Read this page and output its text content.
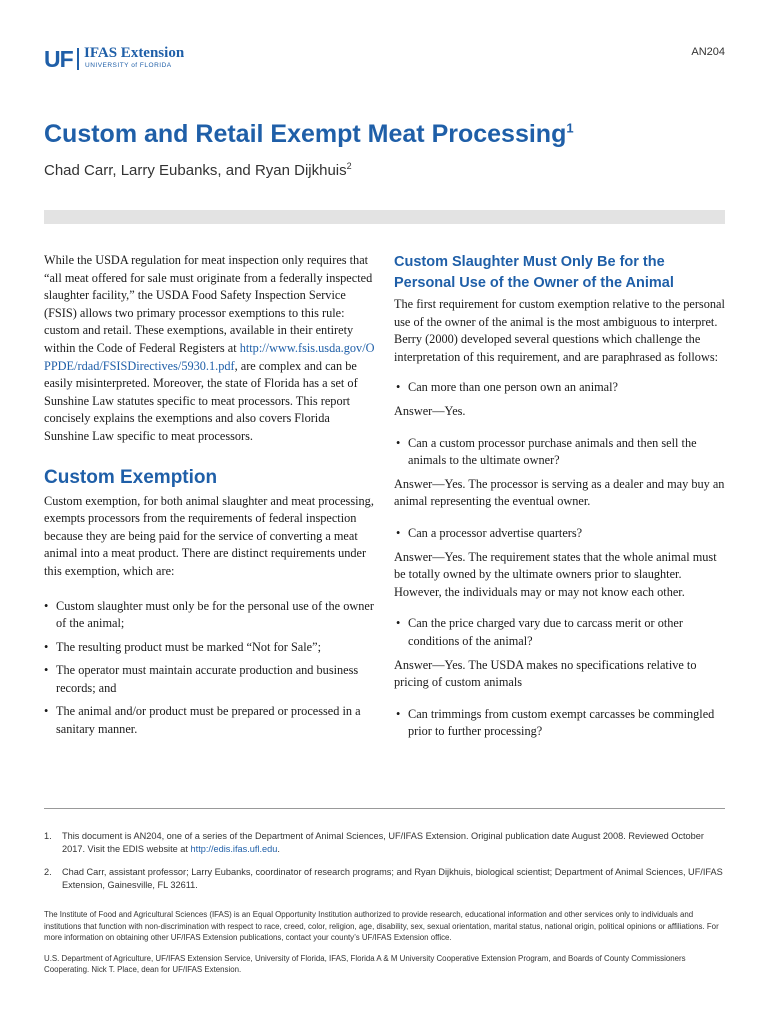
UF IFAS Extension
UNIVERSITY of FLORIDA
AN204
Custom and Retail Exempt Meat Processing$^1$
Chad Carr, Larry Eubanks, and Ryan Dijkhuis$^2$

While the USDA regulation for meat inspection only requires that “all meat offered for sale must originate from a federally inspected slaughter facility,” the USDA Food Safety Inspection Service (FSIS) allows two primary processor exemptions to this rule: custom and retail. These exemptions, available in their entirety within the Code of Federal Registers at http://www.fsis.usda.gov/OPPDE/rdad/FSISDirectives/5930.1.pdf, are complex and can be easily misinterpreted. Moreover, the state of Florida has a set of Sunshine Law statutes specific to meat processors. This report concisely explains the exemptions and also covers Florida Sunshine Law specific to meat processors.

Custom Exemption

Custom exemption, for both animal slaughter and meat processing, exempts processors from the requirements of federal inspection because they are being paid for the service of converting a meat animal into a meat product. There are distinct requirements under this exemption, which are:

• Custom slaughter must only be for the personal use of the owner of the animal;
• The resulting product must be marked “Not for Sale”;
• The operator must maintain accurate production and business records; and
• The animal and/or product must be prepared or processed in a sanitary manner.
Custom Slaughter Must Only Be for the Personal Use of the Owner of the Animal

The first requirement for custom exemption relative to the personal use of the owner of the animal is the most ambiguous to interpret. Berry (2000) developed several questions which challenge the interpretation of this requirement, and are paraphrased as follows:

• Can more than one person own an animal?

Answer—Yes.

• Can a custom processor purchase animals and then sell the animals to the ultimate owner?

Answer—Yes. The processor is serving as a dealer and may buy an animal representing the eventual owner.

• Can a processor advertise quarters?

Answer—Yes. The requirement states that the whole animal must be totally owned by the ultimate owners prior to slaughter. However, the individuals may or may not know each other.

• Can the price charged vary due to carcass merit or other conditions of the animal?

Answer—Yes. The USDA makes no specifications relative to pricing of custom animals

• Can trimmings from custom exempt carcasses be commingled prior to further processing?

1. This document is AN204, one of a series of the Department of Animal Sciences, UF/IFAS Extension. Original publication date August 2008. Reviewed October 2017. Visit the EDIS website at http://edis.ifas.ufl.edu.

2. Chad Carr, assistant professor; Larry Eubanks, coordinator of research programs; and Ryan Dijkhuis, biological scientist; Department of Animal Sciences, UF/IFAS Extension, Gainesville, FL 32611.

The Institute of Food and Agricultural Sciences (IFAS) is an Equal Opportunity Institution authorized to provide research, educational information and other services only to individuals and institutions that function with non-discrimination with respect to race, creed, color, religion, age, disability, sex, sexual orientation, marital status, national origin, political opinions or affiliations. For more information on obtaining other UF/IFAS Extension publications, contact your county’s UF/IFAS Extension office.

U.S. Department of Agriculture, UF/IFAS Extension Service, University of Florida, IFAS, Florida A & M University Cooperative Extension Program, and Boards of County Commissioners Cooperating. Nick T. Place, dean for UF/IFAS Extension.
